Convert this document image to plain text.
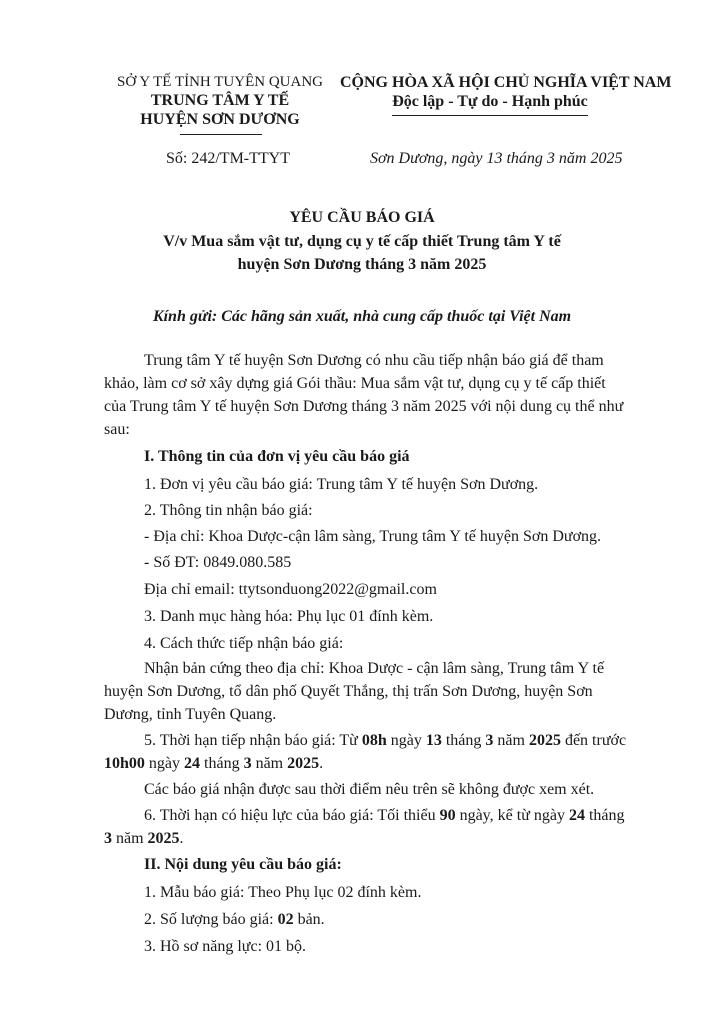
SỞ Y TẾ TỈNH TUYÊN QUANG
TRUNG TÂM Y TẾ
HUYỆN SƠN DƯƠNG
CỘNG HÒA XÃ HỘI CHỦ NGHĨA VIỆT NAM
Độc lập - Tự do - Hạnh phúc
Số: 242/TM-TTYT	Sơn Dương, ngày 13 tháng 3 năm 2025
YÊU CẦU BÁO GIÁ
V/v Mua sắm vật tư, dụng cụ y tế cấp thiết Trung tâm Y tế
huyện Sơn Dương tháng 3 năm 2025
Kính gửi: Các hãng sản xuất, nhà cung cấp thuốc tại Việt Nam
Trung tâm Y tế huyện Sơn Dương có nhu cầu tiếp nhận báo giá để tham
khảo, làm cơ sở xây dựng giá Gói thầu: Mua sắm vật tư, dụng cụ y tế cấp thiết
của Trung tâm Y tế huyện Sơn Dương tháng 3 năm 2025 với nội dung cụ thể như
sau:
I. Thông tin của đơn vị yêu cầu báo giá
1. Đơn vị yêu cầu báo giá: Trung tâm Y tế huyện Sơn Dương.
2. Thông tin nhận báo giá:
- Địa chỉ: Khoa Dược-cận lâm sàng, Trung tâm Y tế huyện Sơn Dương.
- Số ĐT: 0849.080.585
Địa chỉ email: ttytsonduong2022@gmail.com
3. Danh mục hàng hóa: Phụ lục 01 đính kèm.
4. Cách thức tiếp nhận báo giá:
Nhận bản cứng theo địa chỉ: Khoa Dược - cận lâm sàng, Trung tâm Y tế
huyện Sơn Dương, tổ dân phố Quyết Thắng, thị trấn Sơn Dương, huyện Sơn
Dương, tỉnh Tuyên Quang.
5. Thời hạn tiếp nhận báo giá: Từ 08h ngày 13 tháng 3 năm 2025 đến trước
10h00 ngày 24 tháng 3 năm 2025.
Các báo giá nhận được sau thời điểm nêu trên sẽ không được xem xét.
6. Thời hạn có hiệu lực của báo giá: Tối thiểu 90 ngày, kể từ ngày 24 tháng
3 năm 2025.
II. Nội dung yêu cầu báo giá:
1. Mẫu báo giá: Theo Phụ lục 02 đính kèm.
2. Số lượng báo giá: 02 bản.
3. Hồ sơ năng lực: 01 bộ.
